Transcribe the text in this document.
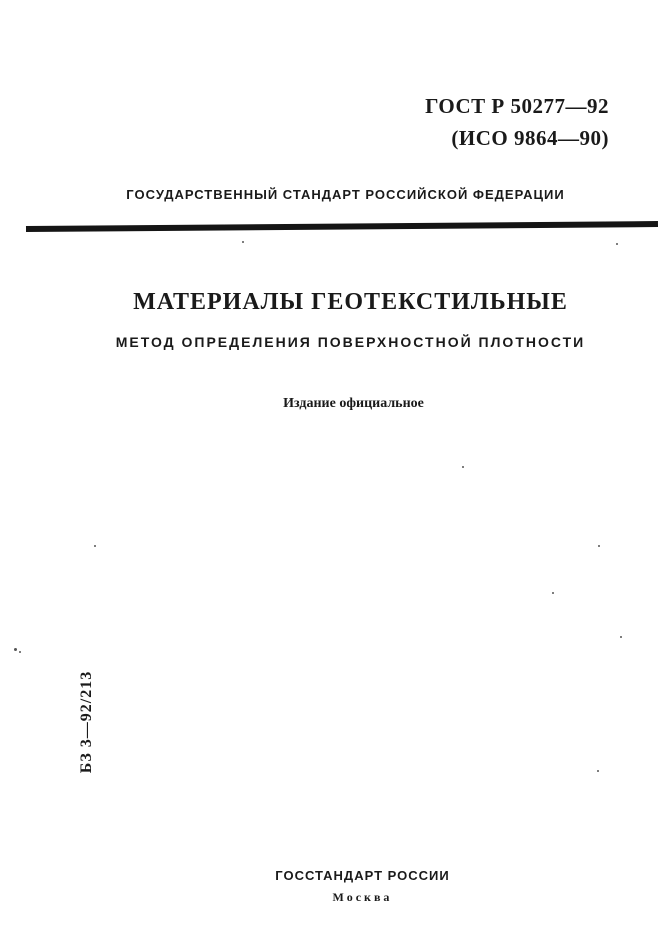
ГОСТ Р 50277—92
(ИСО 9864—90)
ГОСУДАРСТВЕННЫЙ СТАНДАРТ РОССИЙСКОЙ ФЕДЕРАЦИИ
МАТЕРИАЛЫ ГЕОТЕКСТИЛЬНЫЕ
МЕТОД ОПРЕДЕЛЕНИЯ ПОВЕРХНОСТНОЙ ПЛОТНОСТИ
Издание официальное
БЗ 3—92/213
ГОССТАНДАРТ РОССИИ
Москва
